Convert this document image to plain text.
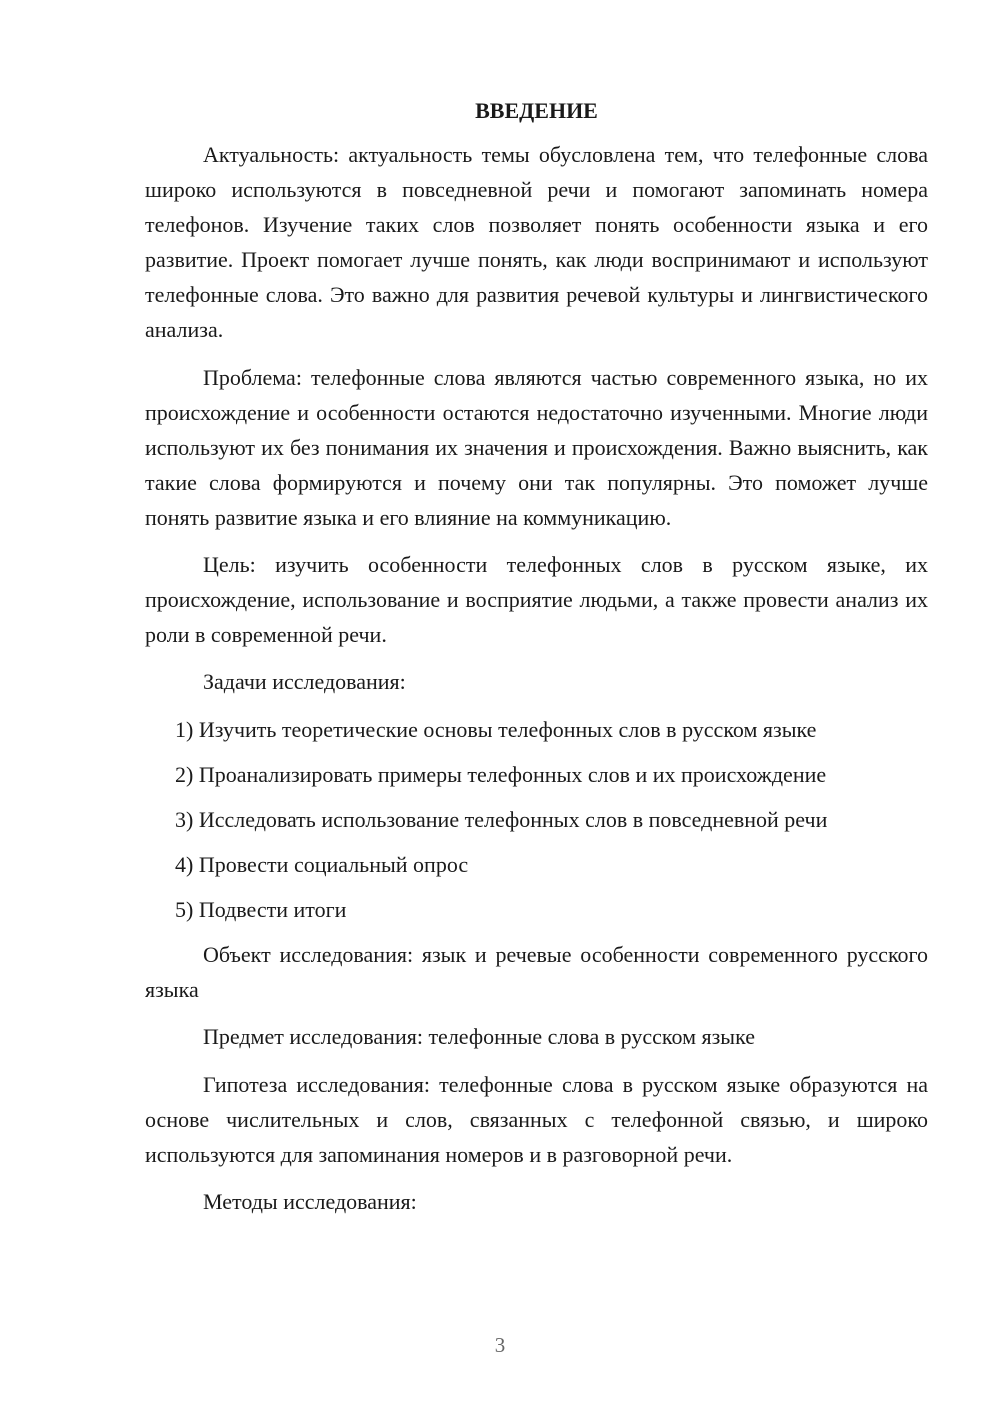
ВВЕДЕНИЕ

Актуальность: актуальность темы обусловлена тем, что телефонные слова широко используются в повседневной речи и помогают запоминать номера телефонов. Изучение таких слов позволяет понять особенности языка и его развитие. Проект помогает лучше понять, как люди воспринимают и используют телефонные слова. Это важно для развития речевой культуры и лингвистического анализа.

Проблема: телефонные слова являются частью современного языка, но их происхождение и особенности остаются недостаточно изученными. Многие люди используют их без понимания их значения и происхождения. Важно выяснить, как такие слова формируются и почему они так популярны. Это поможет лучше понять развитие языка и его влияние на коммуникацию.

Цель: изучить особенности телефонных слов в русском языке, их происхождение, использование и восприятие людьми, а также провести анализ их роли в современной речи.

Задачи исследования:

1) Изучить теоретические основы телефонных слов в русском языке
2) Проанализировать примеры телефонных слов и их происхождение
3) Исследовать использование телефонных слов в повседневной речи
4) Провести социальный опрос
5) Подвести итоги

Объект исследования: язык и речевые особенности современного русского языка

Предмет исследования: телефонные слова в русском языке

Гипотеза исследования: телефонные слова в русском языке образуются на основе числительных и слов, связанных с телефонной связью, и широко используются для запоминания номеров и в разговорной речи.

Методы исследования:

3
